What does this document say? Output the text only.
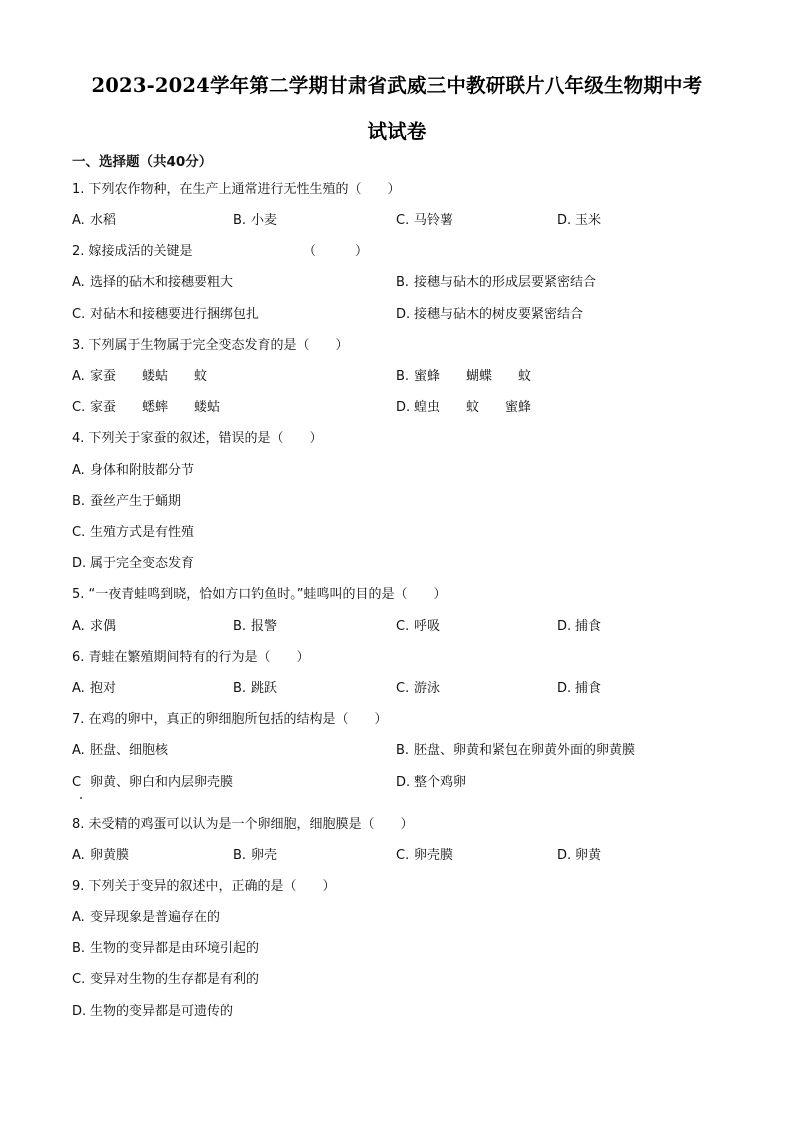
2023-2024学年第二学期甘肃省武威三中教研联片八年级生物期中考
试试卷
一、选择题（共40分）
1. 下列农作物种，在生产上通常进行无性生殖的（　　）
A. 水稻	B. 小麦	C. 马铃薯	D. 玉米
2. 嫁接成活的关键是　　　　　　　　　（　　　）
A. 选择的砧木和接穗要粗大	B. 接穗与砧木的形成层要紧密结合
C. 对砧木和接穗要进行捆绑包扎	D. 接穗与砧木的树皮要紧密结合
3. 下列属于生物属于完全变态发育的是（　　）
A. 家蚕　　蝼蛄　　蚊	B. 蜜蜂　　蝴蝶　　蚊
C. 家蚕　　蟋蟀　　蝼蛄	D. 蝗虫　　蚊　　蜜蜂
4. 下列关于家蚕的叙述，错误的是（　　）
A. 身体和附肢都分节
B. 蚕丝产生于蛹期
C. 生殖方式是有性殖
D. 属于完全变态发育
5. “一夜青蛙鸣到晓，恰如方口钓鱼时。”蛙鸣叫的目的是（　　）
A. 求偶	B. 报警	C. 呼吸	D. 捕食
6. 青蛙在繁殖期间特有的行为是（　　）
A. 抱对	B. 跳跃	C. 游泳	D. 捕食
7. 在鸡的卵中，真正的卵细胞所包括的结构是（　　）
A. 胚盘、细胞核	B. 胚盘、卵黄和紧包在卵黄外面的卵黄膜
C 卵黄、卵白和内层卵壳膜	D. 整个鸡卵
8. 未受精的鸡蛋可以认为是一个卵细胞，细胞膜是（　　）
A. 卵黄膜	B. 卵壳	C. 卵壳膜	D. 卵黄
9. 下列关于变异的叙述中，正确的是（　　）
A. 变异现象是普遍存在的
B. 生物的变异都是由环境引起的
C. 变异对生物的生存都是有利的
D. 生物的变异都是可遗传的
